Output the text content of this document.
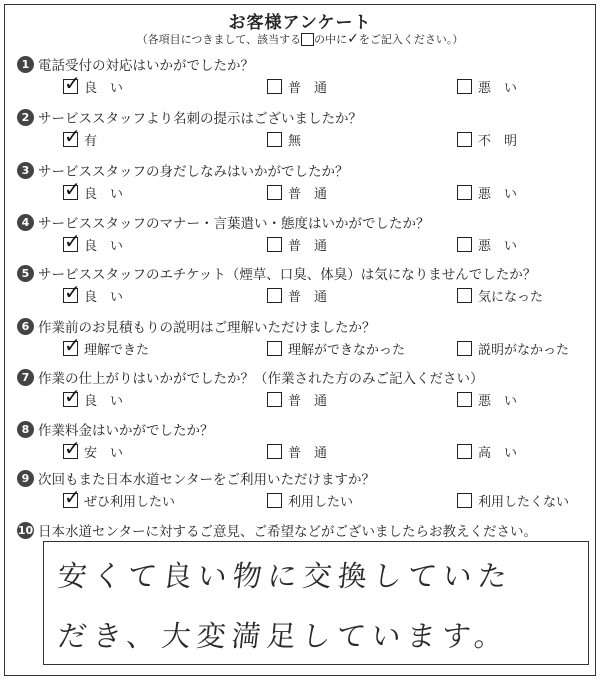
お客様アンケート
（各項目につきまして、該当する の中に✓をご記入ください。）
1 電話受付の対応はいかがでしたか？
✓
良　い	普　通	悪　い
2 サービススタッフより名刺の提示はございましたか？
✓
有	無	不　明
3 サービススタッフの身だしなみはいかがでしたか？
✓
良　い	普　通	悪　い
4 サービススタッフのマナー・言葉遣い・態度はいかがでしたか？
✓
良　い	普　通	悪　い
5 サービススタッフのエチケット（煙草、口臭、体臭）は気になりませんでしたか？
✓
良　い	普　通	気になった
6 作業前のお見積もりの説明はご理解いただけましたか？
✓
理解できた	理解ができなかった	説明がなかった
7 作業の仕上がりはいかがでしたか？（作業された方のみご記入ください）
✓
良　い	普　通	悪　い
8 作業料金はいかがでしたか？
✓
安　い	普　通	高　い
9 次回もまた日本水道センターをご利用いただけますか？
✓
ぜひ利用したい	利用したい	利用したくない
10 日本水道センターに対するご意見、ご希望などがございましたらお教えください。
安くて良い物に交換していた
だき、大変満足しています。
